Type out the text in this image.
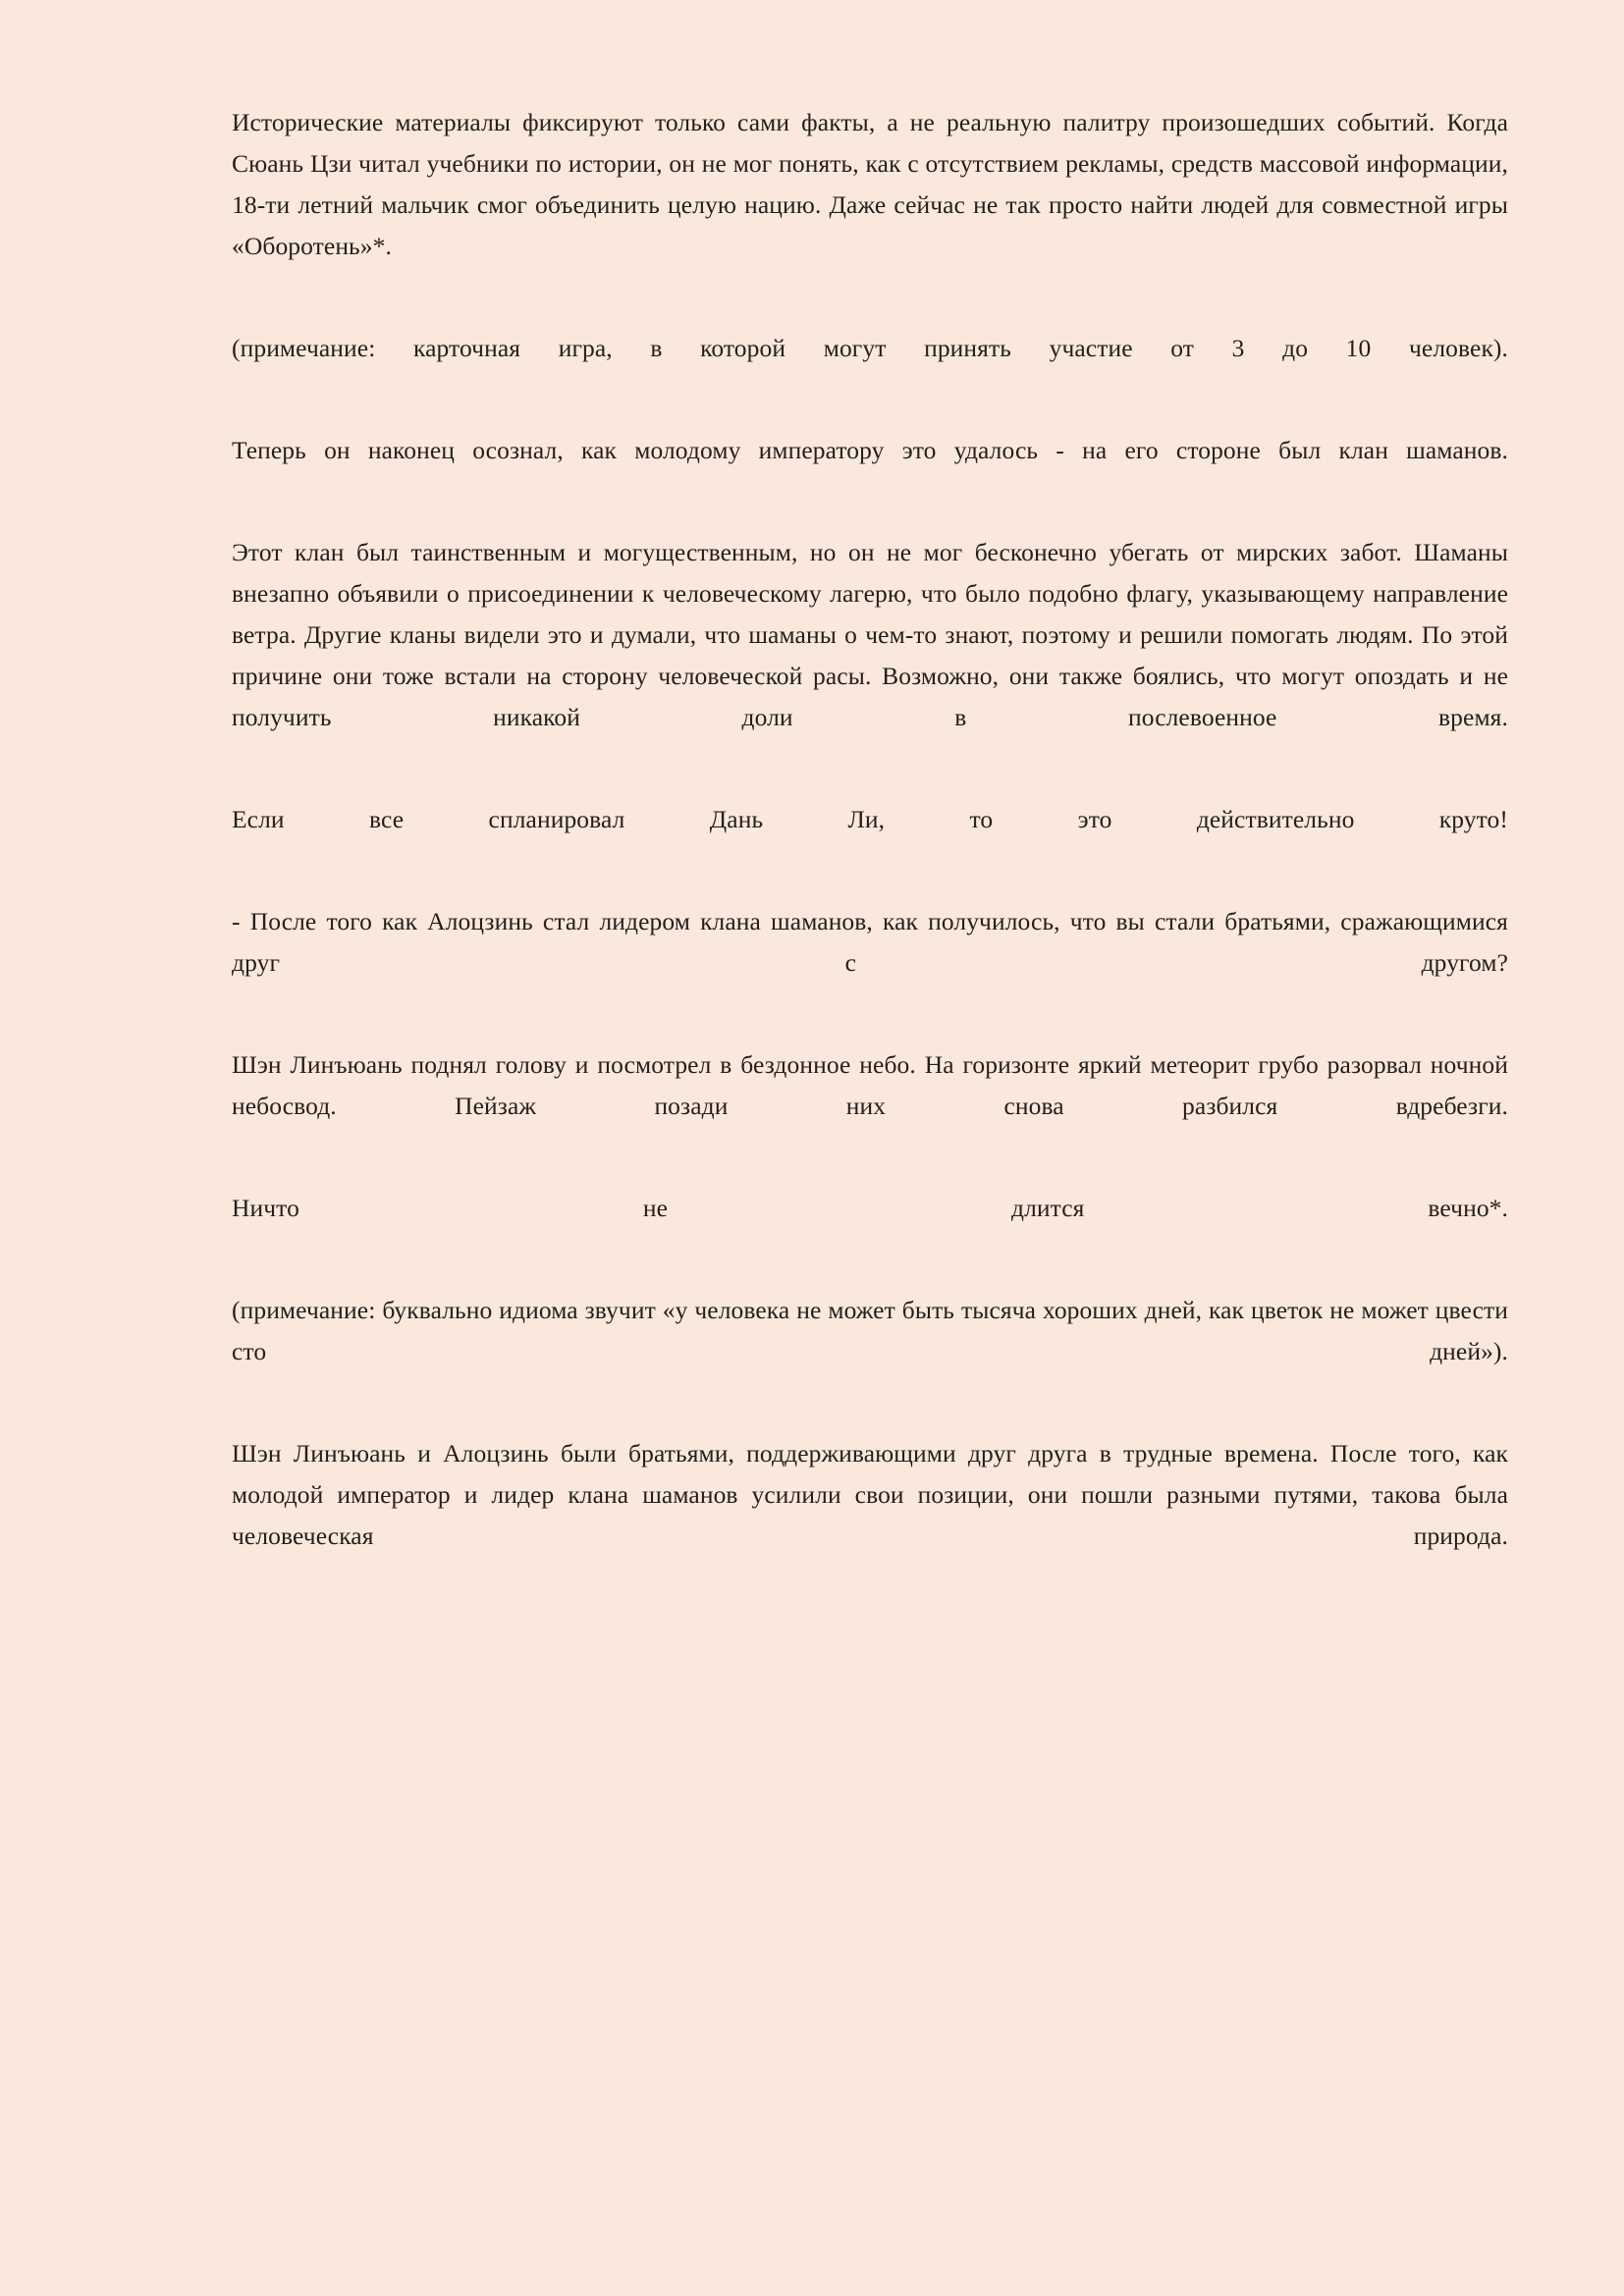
Исторические материалы фиксируют только сами факты, а не реальную палитру произошедших событий. Когда Сюань Цзи читал учебники по истории, он не мог понять, как с отсутствием рекламы, средств массовой информации, 18-ти летний мальчик смог объединить целую нацию. Даже сейчас не так просто найти людей для совместной игры «Оборотень»*.

(примечание: карточная игра, в которой могут принять участие от 3 до 10 человек).

Теперь он наконец осознал, как молодому императору это удалось - на его стороне был клан шаманов.

Этот клан был таинственным и могущественным, но он не мог бесконечно убегать от мирских забот. Шаманы внезапно объявили о присоединении к человеческому лагерю, что было подобно флагу, указывающему направление ветра. Другие кланы видели это и думали, что шаманы о чем-то знают, поэтому и решили помогать людям. По этой причине они тоже встали на сторону человеческой расы. Возможно, они также боялись, что могут опоздать и не получить никакой доли в послевоенное время.

Если все спланировал Дань Ли, то это действительно круто!

- После того как Алоцзинь стал лидером клана шаманов, как получилось, что вы стали братьями, сражающимися друг с другом?

Шэн Линъюань поднял голову и посмотрел в бездонное небо. На горизонте яркий метеорит грубо разорвал ночной небосвод. Пейзаж позади них снова разбился вдребезги.

Ничто не длится вечно*.

(примечание: буквально идиома звучит «у человека не может быть тысяча хороших дней, как цветок не может цвести сто дней»).

Шэн Линъюань и Алоцзинь были братьями, поддерживающими друг друга в трудные времена. После того, как молодой император и лидер клана шаманов усилили свои позиции, они пошли разными путями, такова была человеческая природа.
